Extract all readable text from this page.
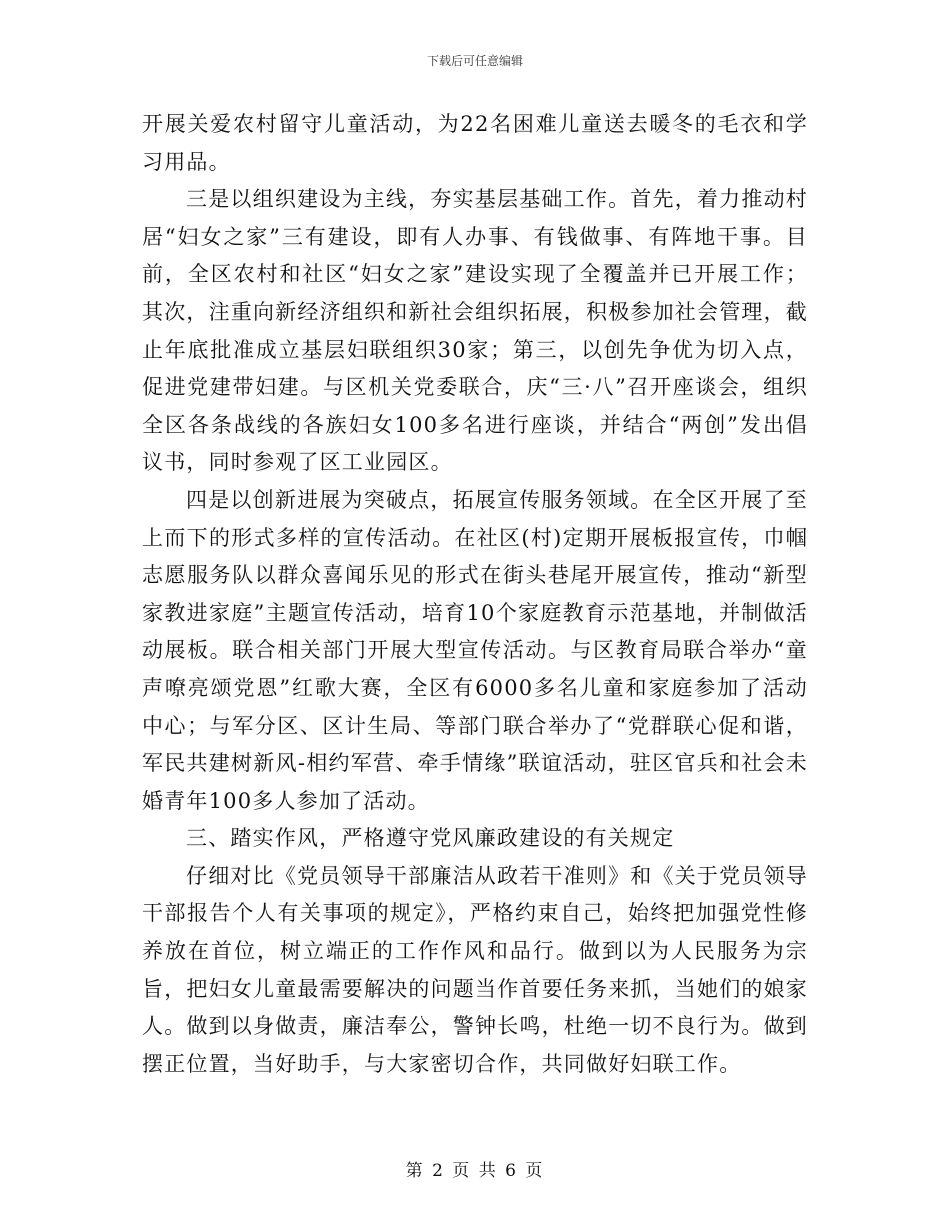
下载后可任意编辑

开展关爱农村留守儿童活动，为22名困难儿童送去暖冬的毛衣和学习用品。

三是以组织建设为主线，夯实基层基础工作。首先，着力推动村居“妇女之家”三有建设，即有人办事、有钱做事、有阵地干事。目前，全区农村和社区“妇女之家”建设实现了全覆盖并已开展工作；其次，注重向新经济组织和新社会组织拓展，积极参加社会管理，截止年底批准成立基层妇联组织30家；第三，以创先争优为切入点，促进党建带妇建。与区机关党委联合，庆“三·八”召开座谈会，组织全区各条战线的各族妇女100多名进行座谈，并结合“两创”发出倡议书，同时参观了区工业园区。

四是以创新进展为突破点，拓展宣传服务领域。在全区开展了至上而下的形式多样的宣传活动。在社区(村)定期开展板报宣传，巾帼志愿服务队以群众喜闻乐见的形式在街头巷尾开展宣传，推动“新型家教进家庭”主题宣传活动，培育10个家庭教育示范基地，并制做活动展板。联合相关部门开展大型宣传活动。与区教育局联合举办“童声嘹亮颂党恩”红歌大赛，全区有6000多名儿童和家庭参加了活动中心；与军分区、区计生局、等部门联合举办了“党群联心促和谐，军民共建树新风-相约军营、牵手情缘”联谊活动，驻区官兵和社会未婚青年100多人参加了活动。

三、踏实作风，严格遵守党风廉政建设的有关规定

仔细对比《党员领导干部廉洁从政若干准则》和《关于党员领导干部报告个人有关事项的规定》，严格约束自己，始终把加强党性修养放在首位，树立端正的工作作风和品行。做到以为人民服务为宗旨，把妇女儿童最需要解决的问题当作首要任务来抓，当她们的娘家人。做到以身做责，廉洁奉公，警钟长鸣，杜绝一切不良行为。做到摆正位置，当好助手，与大家密切合作，共同做好妇联工作。

第 2 页 共 6 页
